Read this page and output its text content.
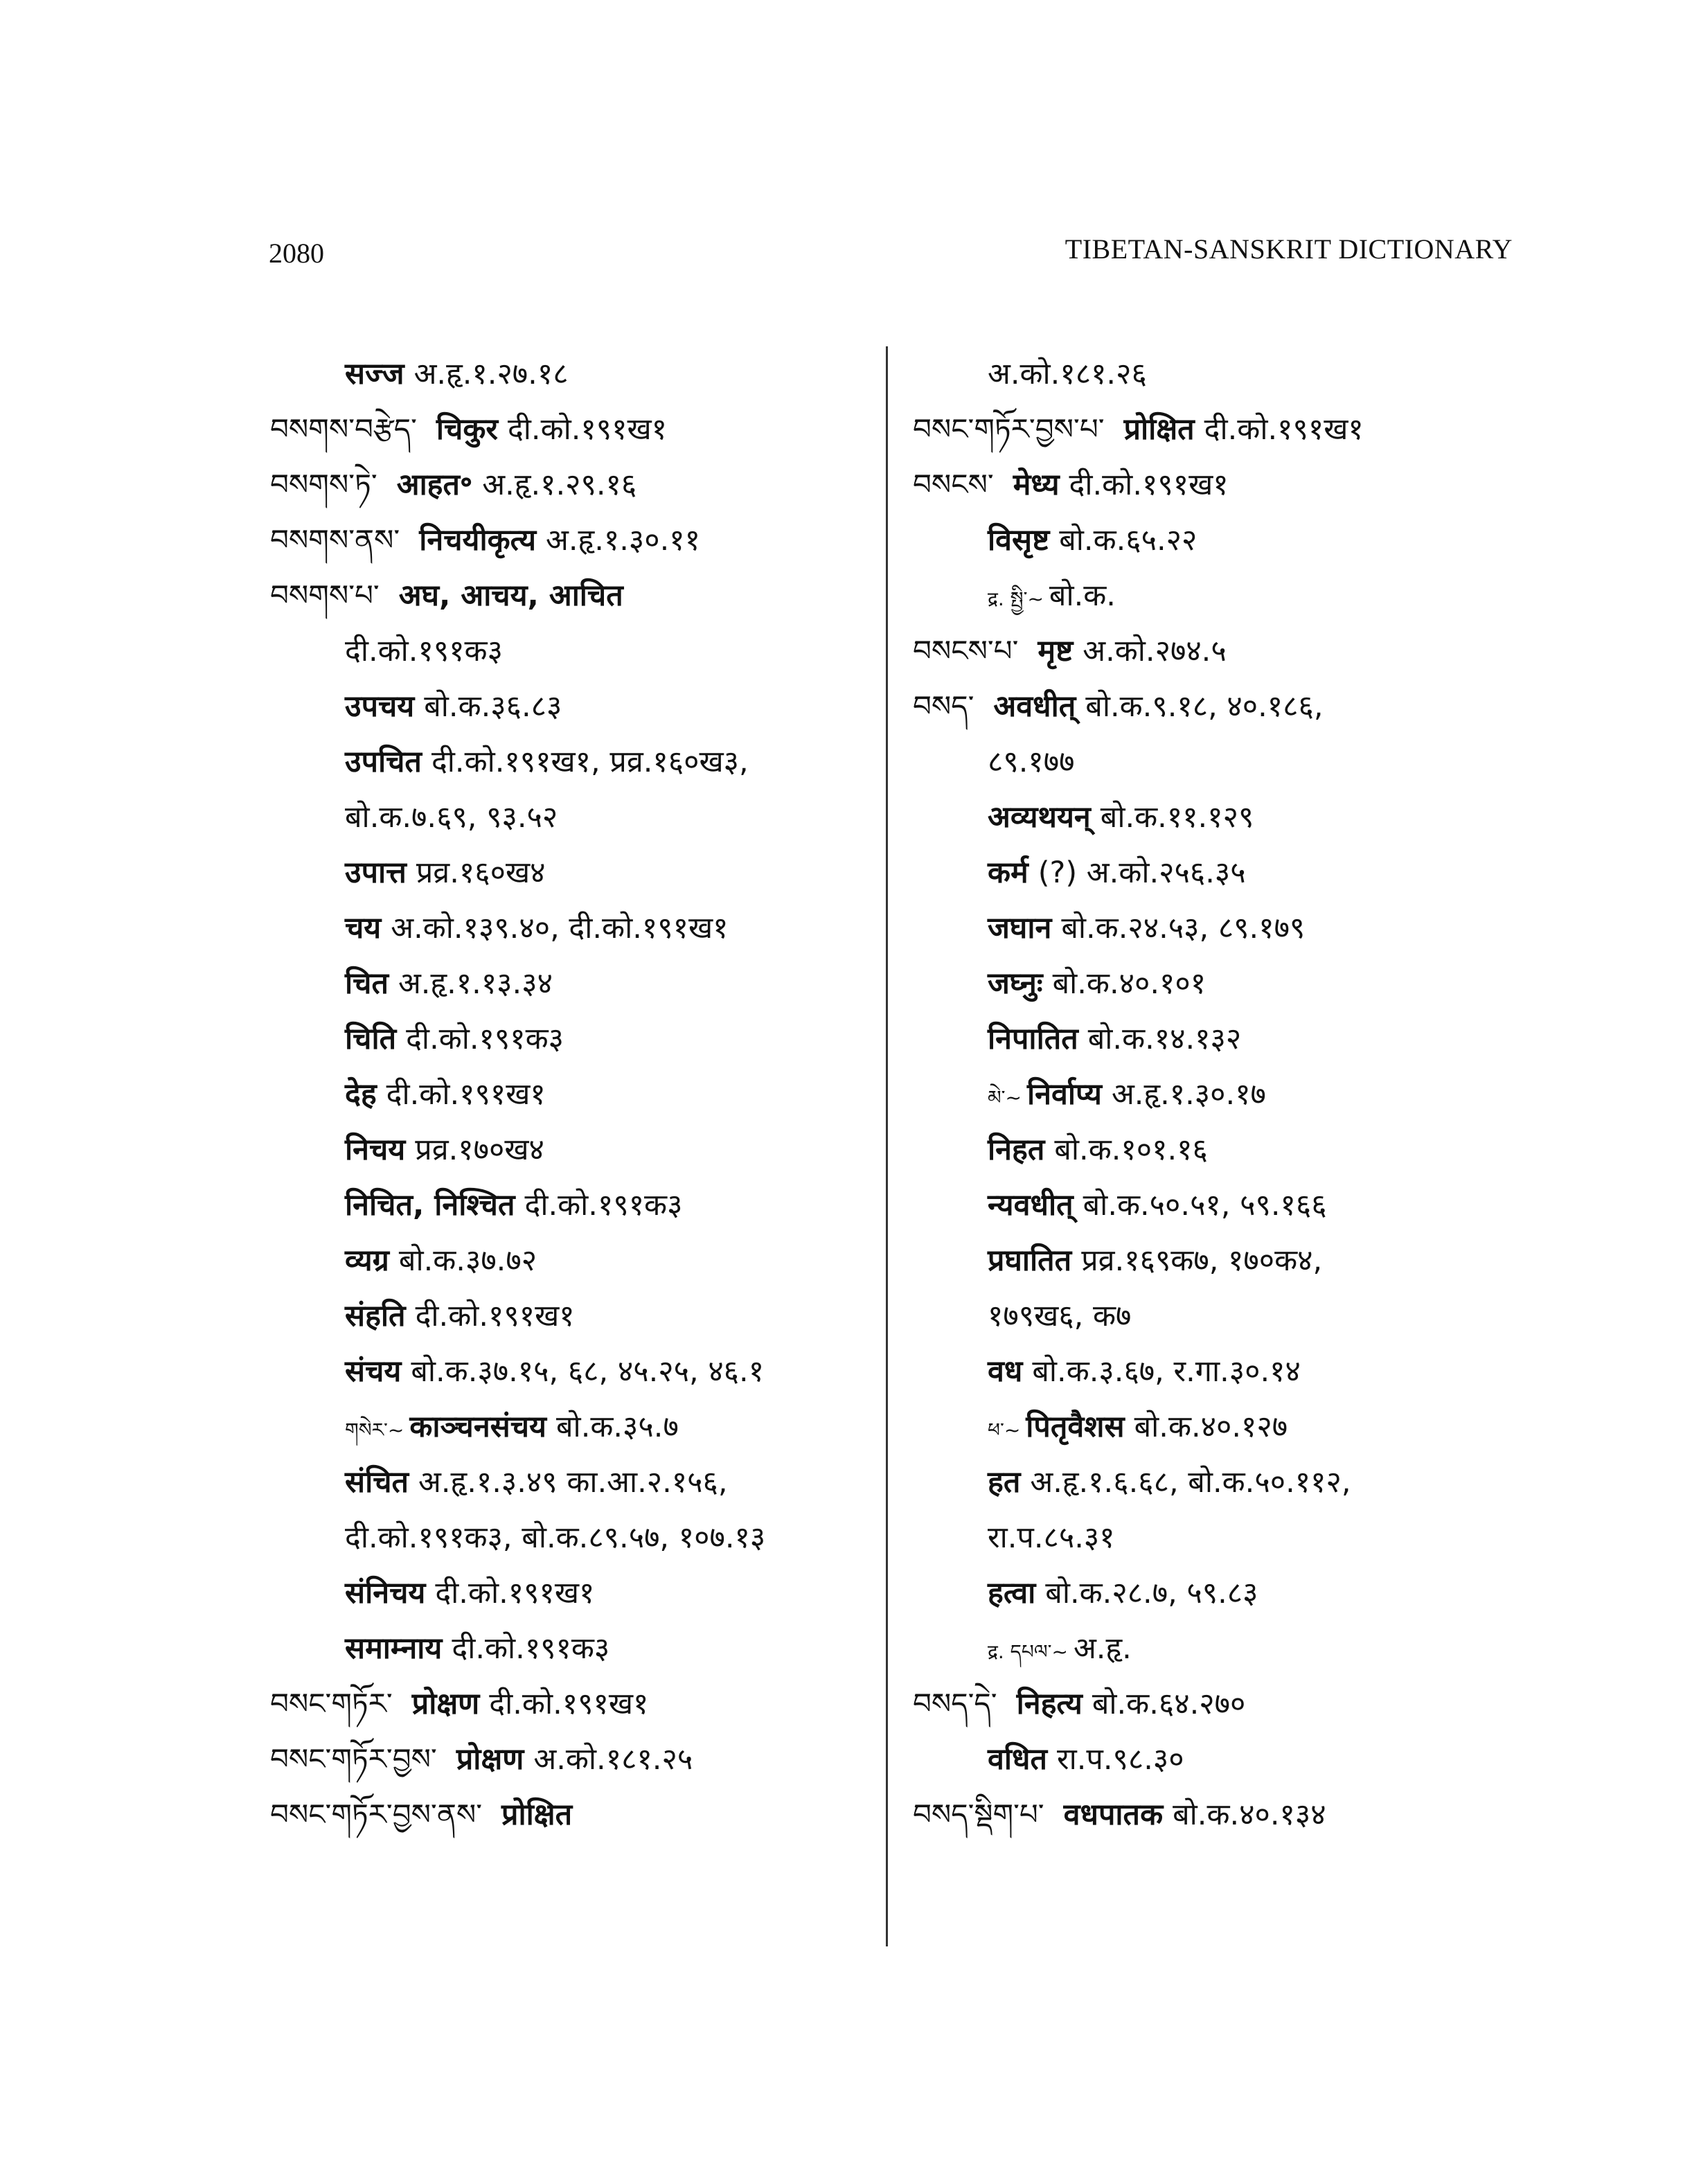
2080	TIBETAN-SANSKRIT DICTIONARY
सज्ज अ.हृ.१.२७.१८
བསགས་བརྩེད་ चिकुर दी.को.१९१ख१
བསགས་ཏེ་ आहत॰ अ.हृ.१.२९.१६
བསགས་ནས་ निचयीकृत्य अ.हृ.१.३०.११
བསགས་པ་ अघ, आचय, आचित
दी.को.१९१क३
उपचय बो.क.३६.८३
उपचित दी.को.१९१ख१, प्रव्र.१६०ख३,
बो.क.७.६९, ९३.५२
उपात्त प्रव्र.१६०ख४
चय अ.को.१३९.४०, दी.को.१९१ख१
चित अ.हृ.१.१३.३४
चिति दी.को.१९१क३
देह दी.को.१९१ख१
निचय प्रव्र.१७०ख४
निचित, निश्चित दी.को.१९१क३
व्यग्र बो.क.३७.७२
संहति दी.को.१९१ख१
संचय बो.क.३७.१५, ६८, ४५.२५, ४६.१
གསེར་~ काञ्चनसंचय बो.क.३५.७
संचित अ.हृ.१.३.४९ का.आ.२.१५६,
दी.को.१९१क३, बो.क.८९.५७, १०७.१३
संनिचय दी.को.१९१ख१
समाम्नाय दी.को.१९१क३
བསང་གཏོར་ प्रोक्षण दी.को.१९१ख१
བསང་གཏོར་བྱས་ प्रोक्षण अ.को.१८१.२५
བསང་གཏོར་བྱས་ནས་ प्रोक्षित
अ.को.१८१.२६
བསང་གཏོར་བྱས་པ་ प्रोक्षित दी.को.१९१ख१
བསངས་ मेध्य दी.को.१९१ख१
विसृष्ट बो.क.६५.२२
द्र. སྤྱི་~ बो.क.
བསངས་པ་ मृष्ट अ.को.२७४.५
བསད་ अवधीत् बो.क.९.१८, ४०.१८६,
८९.१७७
अव्यथयन् बो.क.११.१२९
कर्म (?) अ.को.२५६.३५
जघान बो.क.२४.५३, ८९.१७९
जघ्नुः बो.क.४०.१०१
निपातित बो.क.१४.१३२
མེ་~ निर्वाप्य अ.हृ.१.३०.१७
निहत बो.क.१०१.१६
न्यवधीत् बो.क.५०.५१, ५९.१६६
प्रघातित प्रव्र.१६९क७, १७०क४,
१७९ख६, क७
वध बो.क.३.६७, र.गा.३०.१४
ཕ་~ पितृवैशस बो.क.४०.१२७
हत अ.हृ.१.६.६८, बो.क.५०.११२,
रा.प.८५.३१
हत्वा बो.क.२८.७, ५९.८३
द्र. དཔལ་~ अ.हृ.
བསད་དེ་ निहत्य बो.क.६४.२७०
वधित रा.प.९८.३०
བསད་སྡིག་པ་ वधपातक बो.क.४०.१३४
